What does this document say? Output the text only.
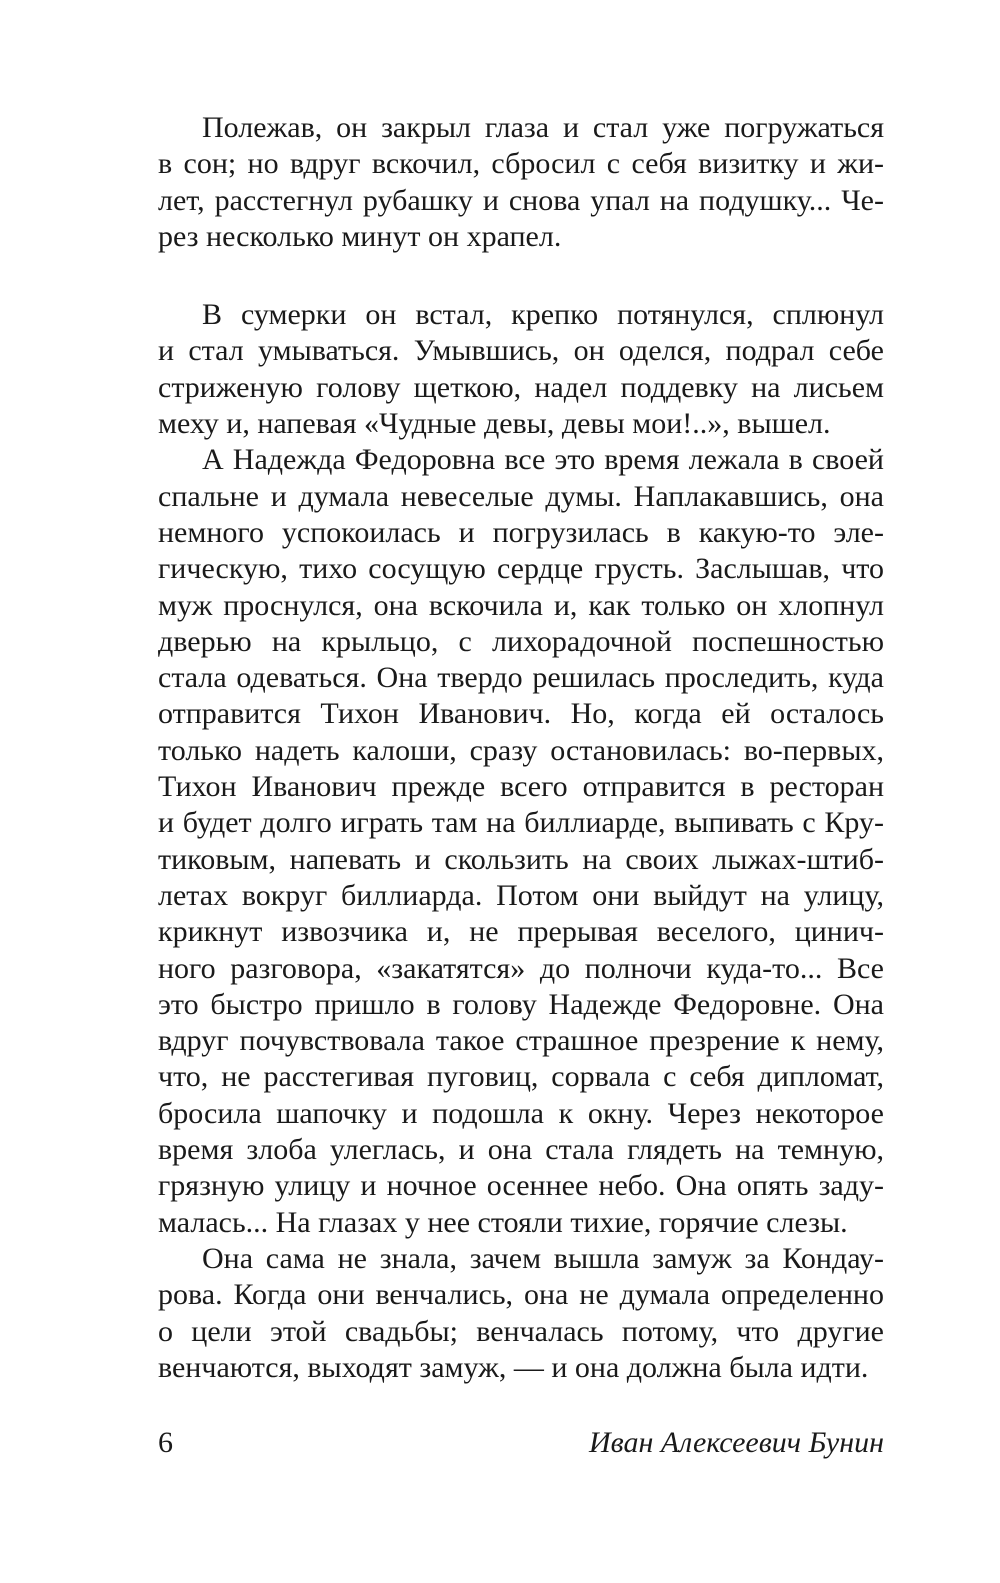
Полежав, он закрыл глаза и стал уже погружаться
в сон; но вдруг вскочил, сбросил с себя визитку и жи-
лет, расстегнул рубашку и снова упал на подушку... Че-
рез несколько минут он храпел.
В сумерки он встал, крепко потянулся, сплюнул
и стал умываться. Умывшись, он оделся, подрал себе
стриженую голову щеткою, надел поддевку на лисьем
меху и, напевая «Чудные девы, девы мои!..», вышел.
А Надежда Федоровна все это время лежала в своей
спальне и думала невеселые думы. Наплакавшись, она
немного успокоилась и погрузилась в какую-то эле-
гическую, тихо сосущую сердце грусть. Заслышав, что
муж проснулся, она вскочила и, как только он хлопнул
дверью на крыльцо, с лихорадочной поспешностью
стала одеваться. Она твердо решилась проследить, куда
отправится Тихон Иванович. Но, когда ей осталось
только надеть калоши, сразу остановилась: во-первых,
Тихон Иванович прежде всего отправится в ресторан
и будет долго играть там на биллиарде, выпивать с Кру-
тиковым, напевать и скользить на своих лыжах-штиб-
летах вокруг биллиарда. Потом они выйдут на улицу,
крикнут извозчика и, не прерывая веселого, цинич-
ного разговора, «закатятся» до полночи куда-то... Все
это быстро пришло в голову Надежде Федоровне. Она
вдруг почувствовала такое страшное презрение к нему,
что, не расстегивая пуговиц, сорвала с себя дипломат,
бросила шапочку и подошла к окну. Через некоторое
время злоба улеглась, и она стала глядеть на темную,
грязную улицу и ночное осеннее небо. Она опять заду-
малась... На глазах у нее стояли тихие, горячие слезы.
Она сама не знала, зачем вышла замуж за Кондау-
рова. Когда они венчались, она не думала определенно
о цели этой свадьбы; венчалась потому, что другие
венчаются, выходят замуж, — и она должна была идти.
6	Иван Алексеевич Бунин
